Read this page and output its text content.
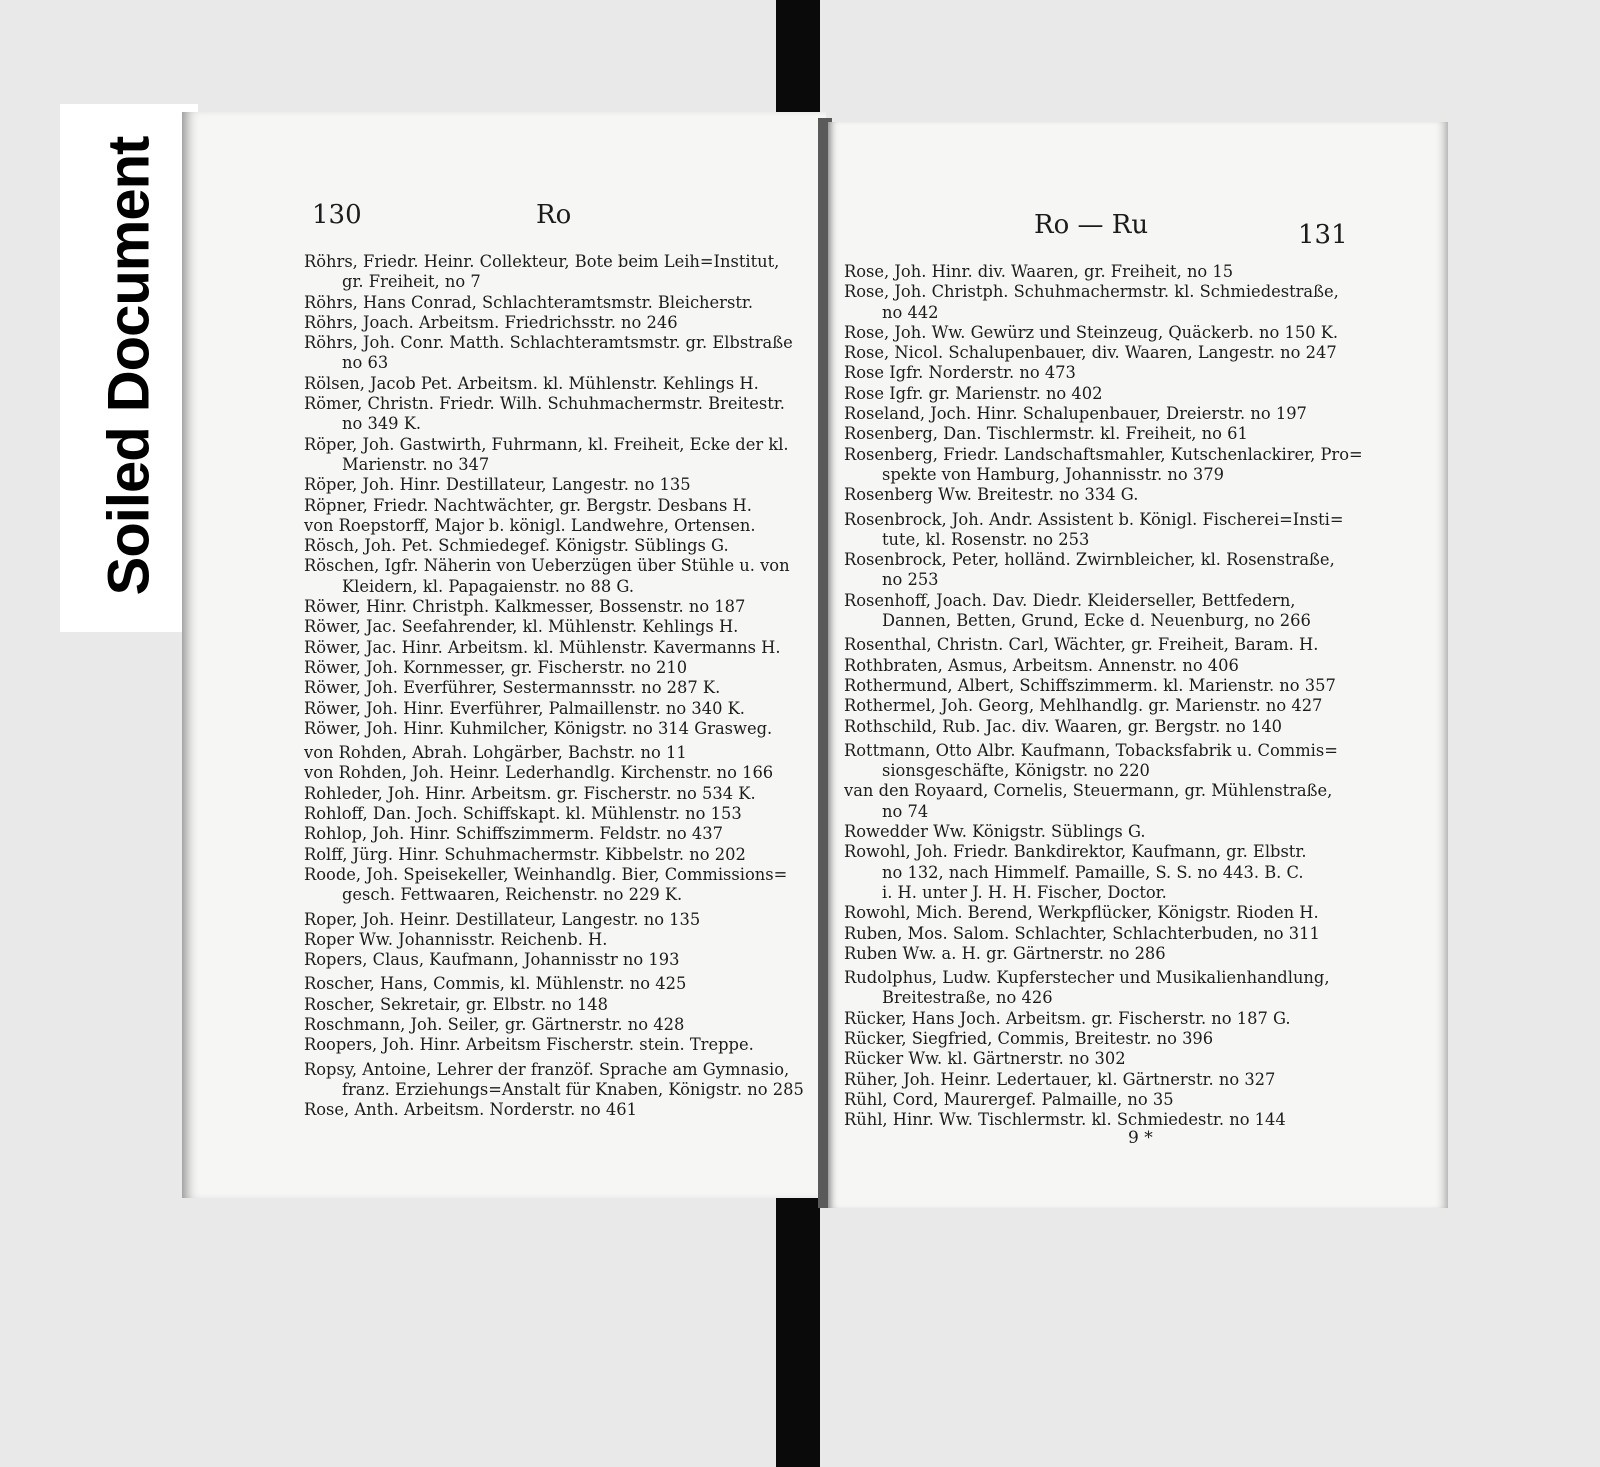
Soiled Document	130	Ro
Röhrs, Friedr. Heinr. Collekteur, Bote beim Leih=Institut,
gr. Freiheit, no 7
Röhrs, Hans Conrad, Schlachteramtsmstr. Bleicherstr.
Röhrs, Joach. Arbeitsm. Friedrichsstr. no 246
Röhrs, Joh. Conr. Matth. Schlachteramtsmstr. gr. Elbstraße
no 63
Rölsen, Jacob Pet. Arbeitsm. kl. Mühlenstr. Kehlings H.
Römer, Christn. Friedr. Wilh. Schuhmachermstr. Breitestr.
no 349 K.
Röper, Joh. Gastwirth, Fuhrmann, kl. Freiheit, Ecke der kl.
Marienstr. no 347
Röper, Joh. Hinr. Destillateur, Langestr. no 135
Röpner, Friedr. Nachtwächter, gr. Bergstr. Desbans H.
von Roepstorff, Major b. königl. Landwehre, Ortensen.
Rösch, Joh. Pet. Schmiedegef. Königstr. Süblings G.
Röschen, Igfr. Näherin von Ueberzügen über Stühle u. von
Kleidern, kl. Papagaienstr. no 88 G.
Röwer, Hinr. Christph. Kalkmesser, Bossenstr. no 187
Röwer, Jac. Seefahrender, kl. Mühlenstr. Kehlings H.
Röwer, Jac. Hinr. Arbeitsm. kl. Mühlenstr. Kavermanns H.
Röwer, Joh. Kornmesser, gr. Fischerstr. no 210
Röwer, Joh. Everführer, Sestermannsstr. no 287 K.
Röwer, Joh. Hinr. Everführer, Palmaillenstr. no 340 K.
Röwer, Joh. Hinr. Kuhmilcher, Königstr. no 314 Grasweg.
von Rohden, Abrah. Lohgärber, Bachstr. no 11
von Rohden, Joh. Heinr. Lederhandlg. Kirchenstr. no 166
Rohleder, Joh. Hinr. Arbeitsm. gr. Fischerstr. no 534 K.
Rohloff, Dan. Joch. Schiffskapt. kl. Mühlenstr. no 153
Rohlop, Joh. Hinr. Schiffszimmerm. Feldstr. no 437
Rolff, Jürg. Hinr. Schuhmachermstr. Kibbelstr. no 202
Roode, Joh. Speisekeller, Weinhandlg. Bier, Commissions=
gesch. Fettwaaren, Reichenstr. no 229 K.
Roper, Joh. Heinr. Destillateur, Langestr. no 135
Roper Ww. Johannisstr. Reichenb. H.
Ropers, Claus, Kaufmann, Johannisstr no 193
Roscher, Hans, Commis, kl. Mühlenstr. no 425
Roscher, Sekretair, gr. Elbstr. no 148
Roschmann, Joh. Seiler, gr. Gärtnerstr. no 428
Roopers, Joh. Hinr. Arbeitsm Fischerstr. stein. Treppe.
Ropsy, Antoine, Lehrer der franzöf. Sprache am Gymnasio,
franz. Erziehungs=Anstalt für Knaben, Königstr. no 285
Rose, Anth. Arbeitsm. Norderstr. no 461
Ro — Ru	131
Rose, Joh. Hinr. div. Waaren, gr. Freiheit, no 15
Rose, Joh. Christph. Schuhmachermstr. kl. Schmiedestraße,
no 442
Rose, Joh. Ww. Gewürz und Steinzeug, Quäckerb. no 150 K.
Rose, Nicol. Schalupenbauer, div. Waaren, Langestr. no 247
Rose Igfr. Norderstr. no 473
Rose Igfr. gr. Marienstr. no 402
Roseland, Joch. Hinr. Schalupenbauer, Dreierstr. no 197
Rosenberg, Dan. Tischlermstr. kl. Freiheit, no 61
Rosenberg, Friedr. Landschaftsmahler, Kutschenlackirer, Pro=
spekte von Hamburg, Johannisstr. no 379
Rosenberg Ww. Breitestr. no 334 G.
Rosenbrock, Joh. Andr. Assistent b. Königl. Fischerei=Insti=
tute, kl. Rosenstr. no 253
Rosenbrock, Peter, holländ. Zwirnbleicher, kl. Rosenstraße,
no 253
Rosenhoff, Joach. Dav. Diedr. Kleiderseller, Bettfedern,
Dannen, Betten, Grund, Ecke d. Neuenburg, no 266
Rosenthal, Christn. Carl, Wächter, gr. Freiheit, Baram. H.
Rothbraten, Asmus, Arbeitsm. Annenstr. no 406
Rothermund, Albert, Schiffszimmerm. kl. Marienstr. no 357
Rothermel, Joh. Georg, Mehlhandlg. gr. Marienstr. no 427
Rothschild, Rub. Jac. div. Waaren, gr. Bergstr. no 140
Rottmann, Otto Albr. Kaufmann, Tobacksfabrik u. Commis=
sionsgeschäfte, Königstr. no 220
van den Royaard, Cornelis, Steuermann, gr. Mühlenstraße,
no 74
Rowedder Ww. Königstr. Süblings G.
Rowohl, Joh. Friedr. Bankdirektor, Kaufmann, gr. Elbstr.
no 132, nach Himmelf. Pamaille, S. S. no 443. B. C.
i. H. unter J. H. H. Fischer, Doctor.
Rowohl, Mich. Berend, Werkpflücker, Königstr. Rioden H.
Ruben, Mos. Salom. Schlachter, Schlachterbuden, no 311
Ruben Ww. a. H. gr. Gärtnerstr. no 286
Rudolphus, Ludw. Kupferstecher und Musikalienhandlung,
Breitestraße, no 426
Rücker, Hans Joch. Arbeitsm. gr. Fischerstr. no 187 G.
Rücker, Siegfried, Commis, Breitestr. no 396
Rücker Ww. kl. Gärtnerstr. no 302
Rüher, Joh. Heinr. Ledertauer, kl. Gärtnerstr. no 327
Rühl, Cord, Maurergef. Palmaille, no 35
Rühl, Hinr. Ww. Tischlermstr. kl. Schmiedestr. no 144
9 *
